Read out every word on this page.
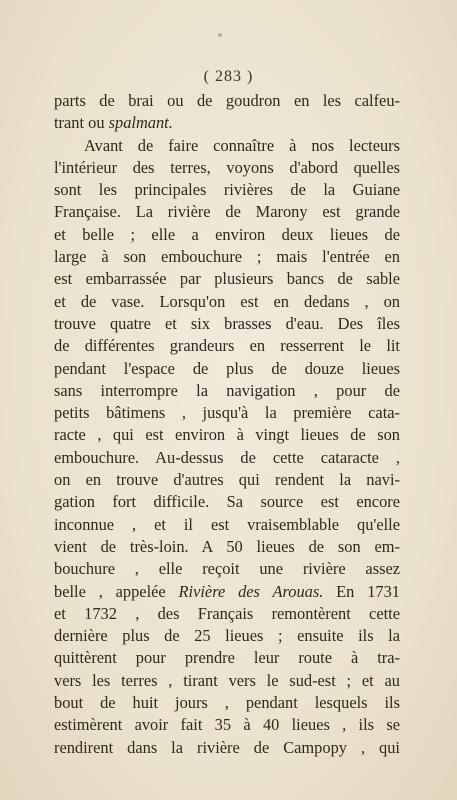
( 283 )
parts de brai ou de goudron en les calfeu-
trant ou spalmant.
Avant de faire connaître à nos lecteurs
l'intérieur des terres, voyons d'abord quelles
sont les principales rivières de la Guiane
Française. La rivière de Marony est grande
et belle ; elle a environ deux lieues de
large à son embouchure ; mais l'entrée en
est embarrassée par plusieurs bancs de sable
et de vase. Lorsqu'on est en dedans , on
trouve quatre et six brasses d'eau. Des îles
de différentes grandeurs en resserrent le lit
pendant l'espace de plus de douze lieues
sans interrompre la navigation , pour de
petits bâtimens , jusqu'à la première cata-
racte , qui est environ à vingt lieues de son
embouchure. Au-dessus de cette cataracte ,
on en trouve d'autres qui rendent la navi-
gation fort difficile. Sa source est encore
inconnue , et il est vraisemblable qu'elle
vient de très-loin. A 50 lieues de son em-
bouchure , elle reçoit une rivière assez
belle , appelée Rivière des Arouas. En 1731
et 1732 , des Français remontèrent cette
dernière plus de 25 lieues ; ensuite ils la
quittèrent pour prendre leur route à tra-
vers les terres , tirant vers le sud-est ; et au
bout de huit jours , pendant lesquels ils
estimèrent avoir fait 35 à 40 lieues , ils se
rendirent dans la rivière de Campopy , qui
